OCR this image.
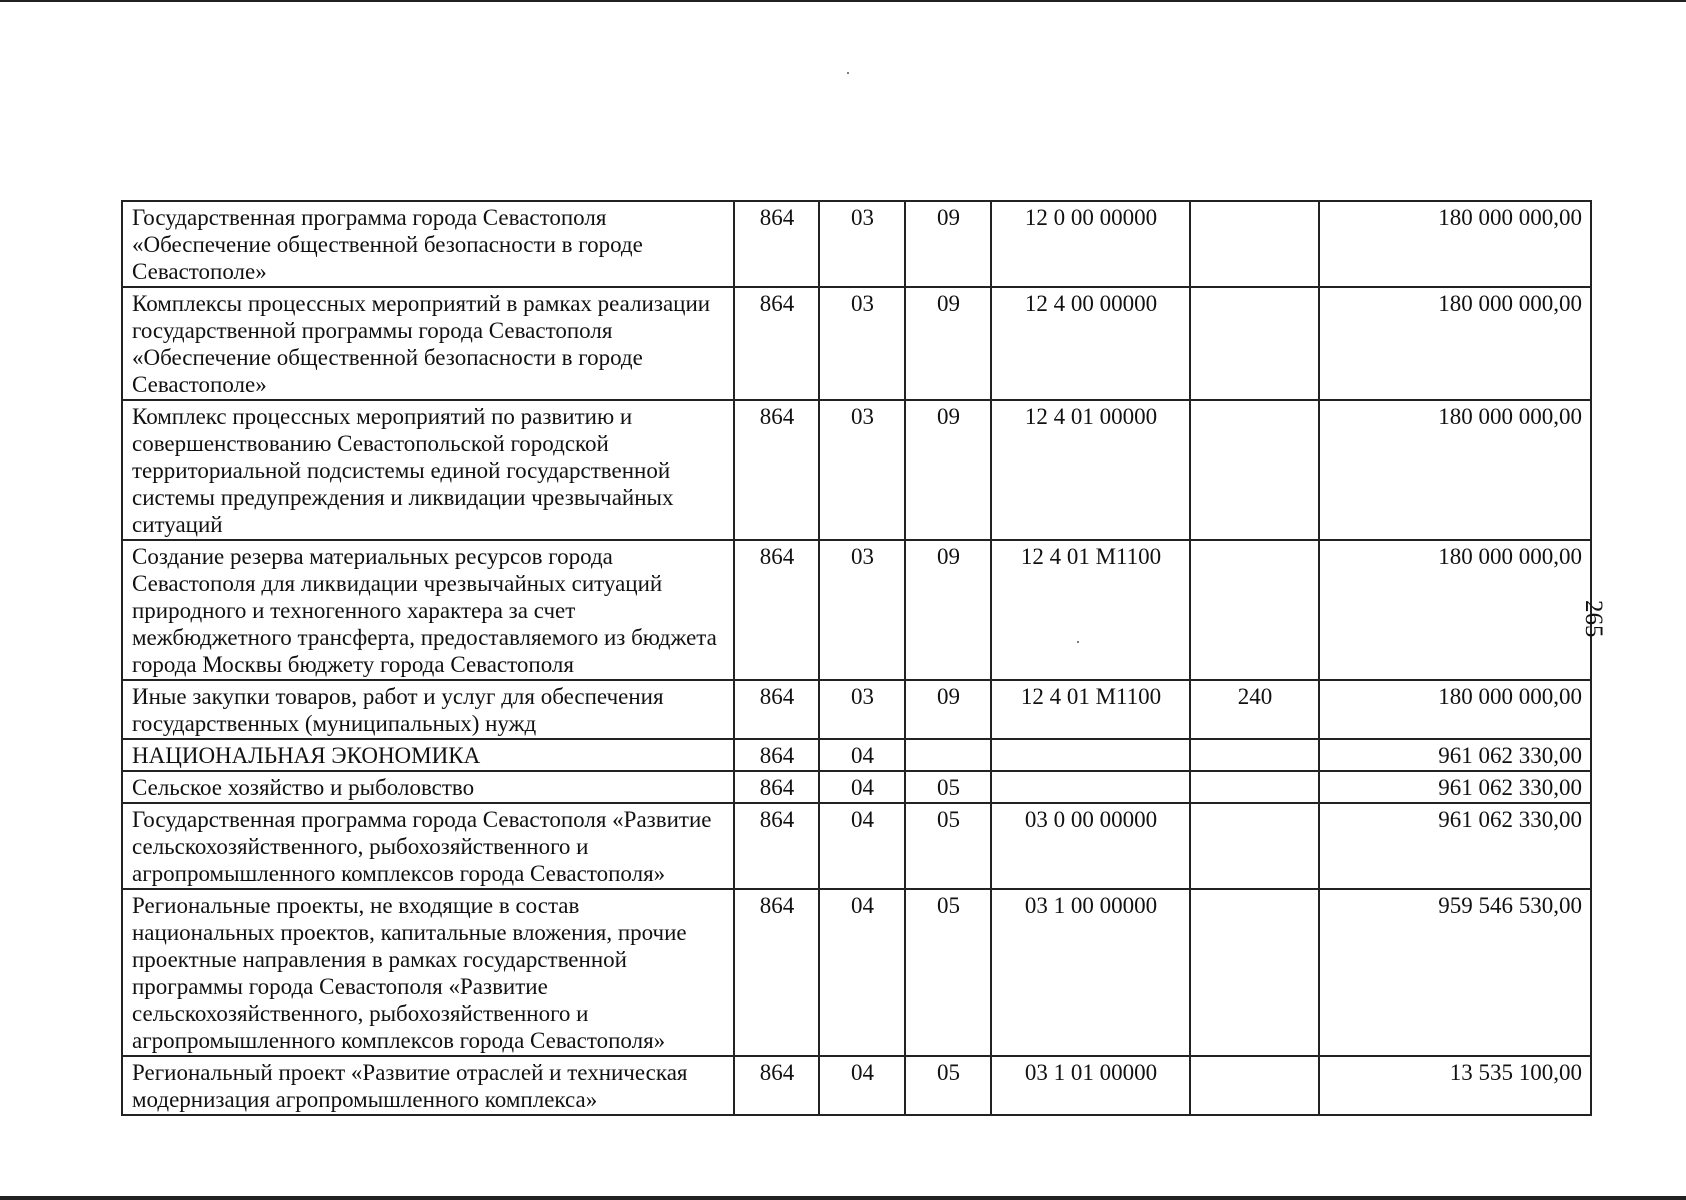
Государственная программа города Севастополя «Обеспечение общественной безопасности в городе Севастополе»	864	03	09	12 0 00 00000		180 000 000,00
Комплексы процессных мероприятий в рамках реализации государственной программы города Севастополя «Обеспечение общественной безопасности в городе Севастополе»	864	03	09	12 4 00 00000		180 000 000,00
Комплекс процессных мероприятий по развитию и совершенствованию Севастопольской городской территориальной подсистемы единой государственной системы предупреждения и ликвидации чрезвычайных ситуаций	864	03	09	12 4 01 00000		180 000 000,00
Создание резерва материальных ресурсов города Севастополя для ликвидации чрезвычайных ситуаций природного и техногенного характера за счет межбюджетного трансферта, предоставляемого из бюджета города Москвы бюджету города Севастополя	864	03	09	12 4 01 M1100		180 000 000,00
Иные закупки товаров, работ и услуг для обеспечения государственных (муниципальных) нужд	864	03	09	12 4 01 M1100	240	180 000 000,00
НАЦИОНАЛЬНАЯ ЭКОНОМИКА	864	04				961 062 330,00
Сельское хозяйство и рыболовство	864	04	05			961 062 330,00
Государственная программа города Севастополя «Развитие сельскохозяйственного, рыбохозяйственного и агропромышленного комплексов города Севастополя»	864	04	05	03 0 00 00000		961 062 330,00
Региональные проекты, не входящие в состав национальных проектов, капитальные вложения, прочие проектные направления в рамках государственной программы города Севастополя «Развитие сельскохозяйственного, рыбохозяйственного и агропромышленного комплексов города Севастополя»	864	04	05	03 1 00 00000		959 546 530,00
Региональный проект «Развитие отраслей и техническая модернизация агропромышленного комплекса»	864	04	05	03 1 01 00000		13 535 100,00
265
